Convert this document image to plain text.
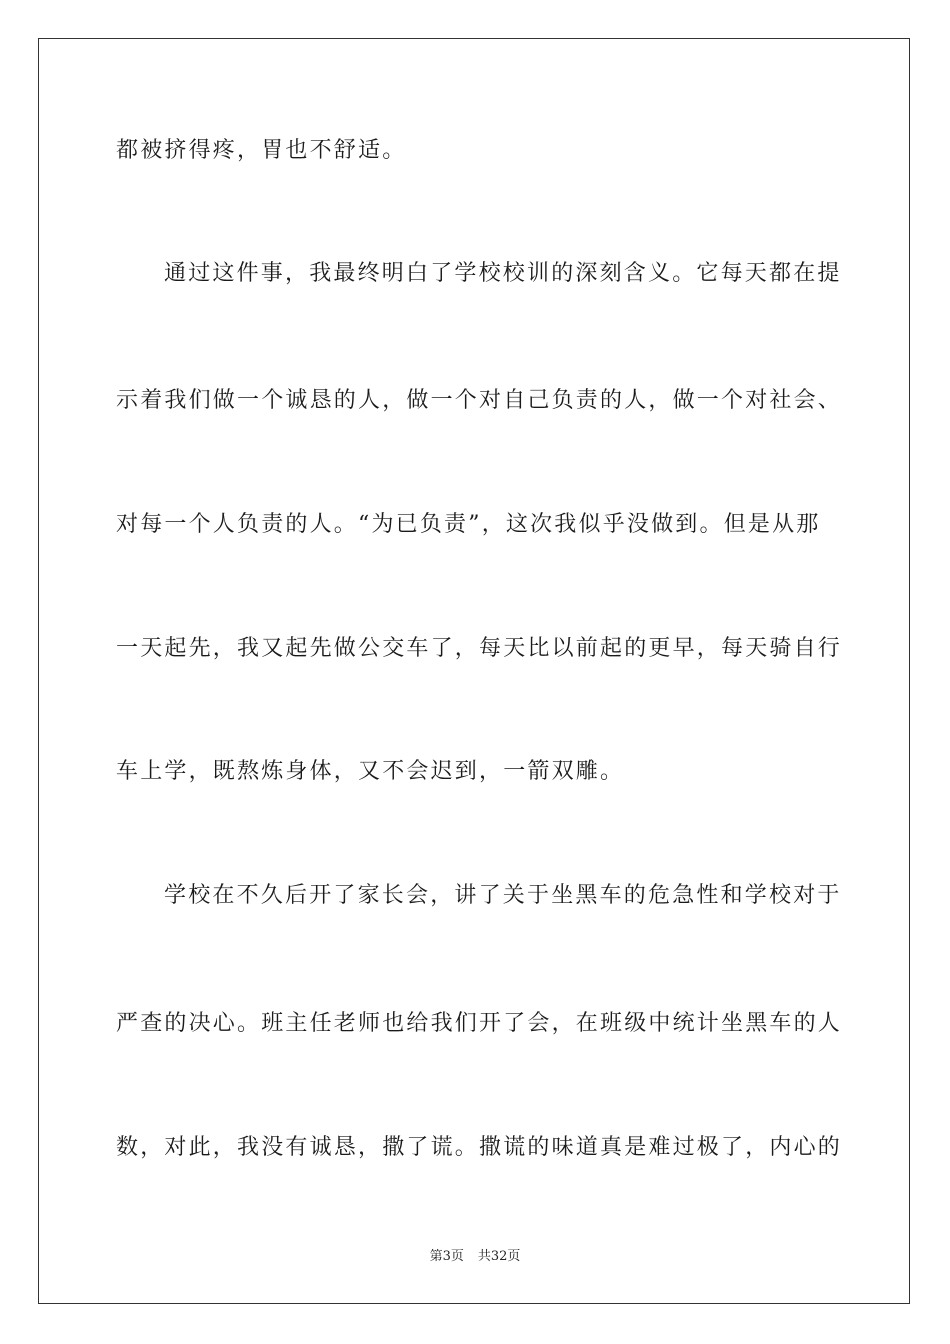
都被挤得疼，胃也不舒适。
通过这件事，我最终明白了学校校训的深刻含义。它每天都在提
示着我们做一个诚恳的人，做一个对自己负责的人，做一个对社会、
对每一个人负责的人。“为已负责”，这次我似乎没做到。但是从那
一天起先，我又起先做公交车了，每天比以前起的更早，每天骑自行
车上学，既熬炼身体，又不会迟到，一箭双雕。
学校在不久后开了家长会，讲了关于坐黑车的危急性和学校对于
严查的决心。班主任老师也给我们开了会，在班级中统计坐黑车的人
数，对此，我没有诚恳，撒了谎。撒谎的味道真是难过极了，内心的
第3页 共32页
